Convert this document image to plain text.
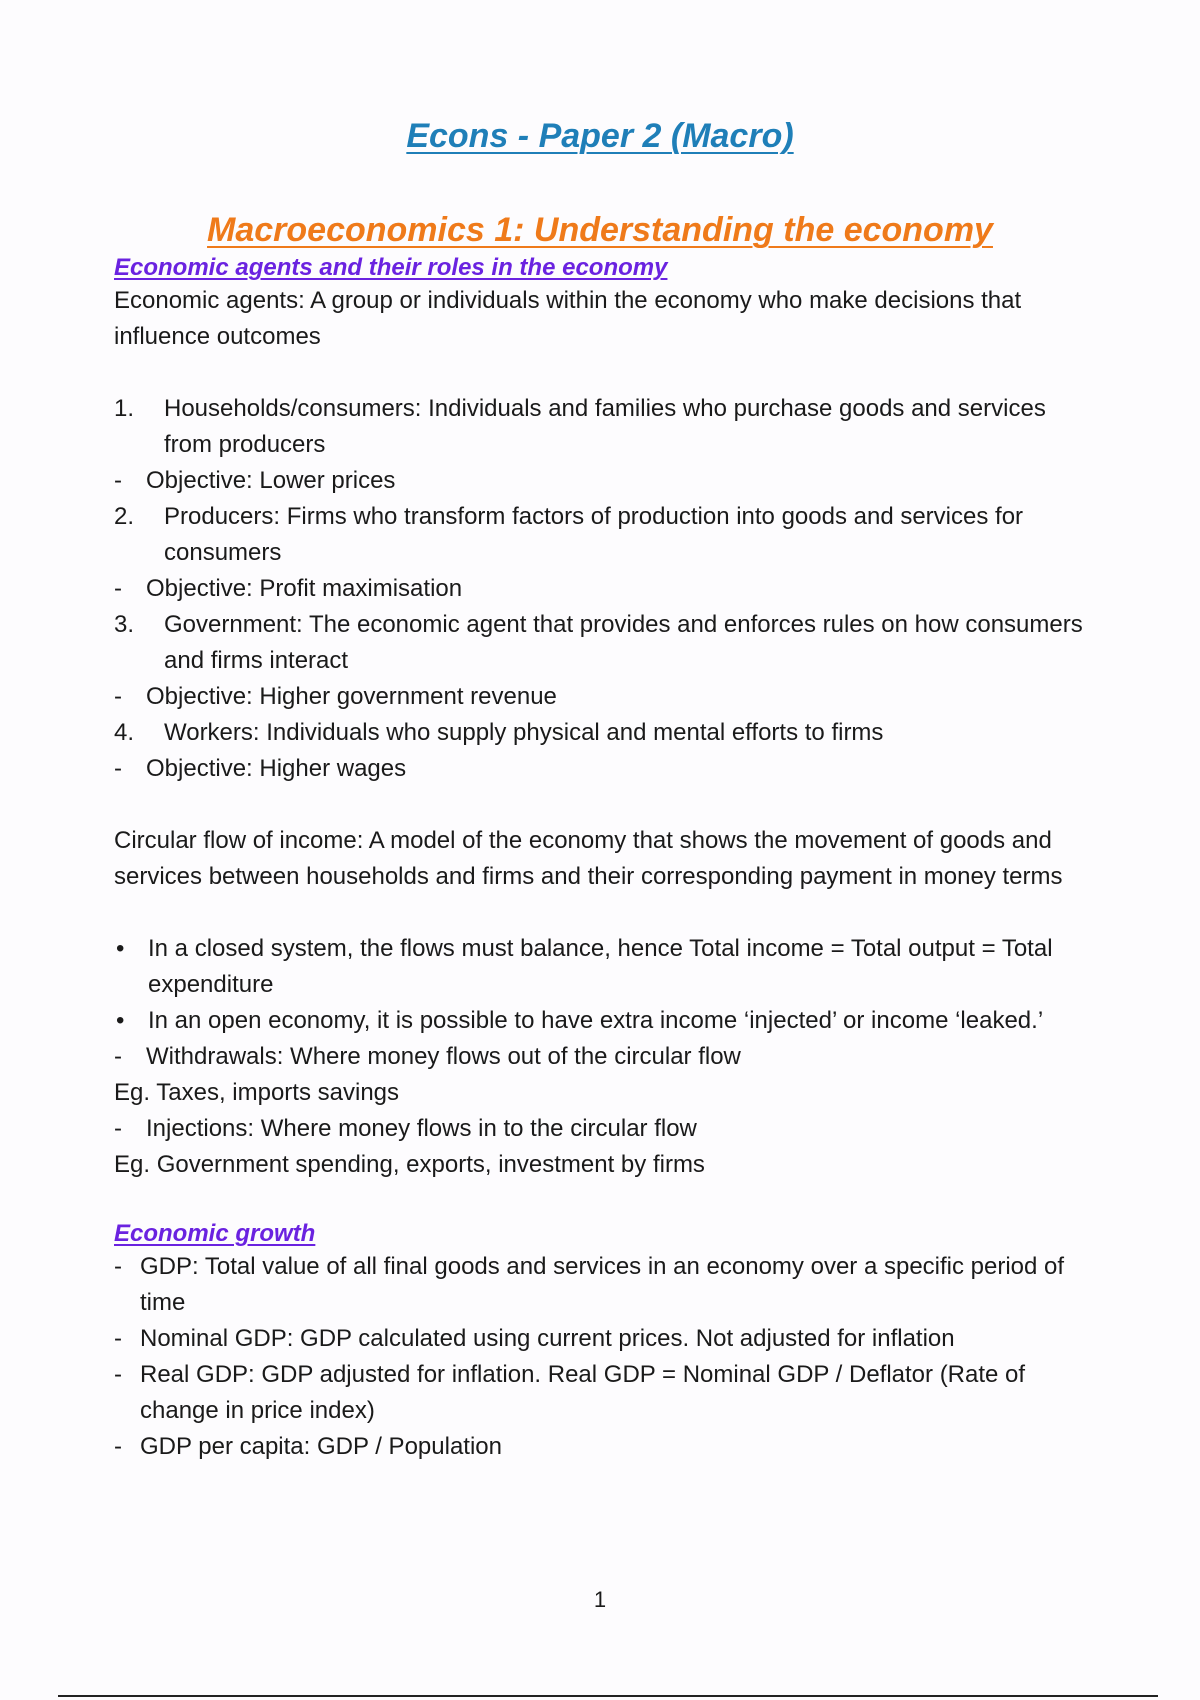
Econs - Paper 2 (Macro)
Macroeconomics 1: Understanding the economy
Economic agents and their roles in the economy

Economic agents: A group or individuals within the economy who make decisions that influence outcomes

1. Households/consumers: Individuals and families who purchase goods and services from producers
- Objective: Lower prices
2. Producers: Firms who transform factors of production into goods and services for consumers
- Objective: Profit maximisation
3. Government: The economic agent that provides and enforces rules on how consumers and firms interact
- Objective: Higher government revenue
4. Workers: Individuals who supply physical and mental efforts to firms
- Objective: Higher wages

Circular flow of income: A model of the economy that shows the movement of goods and services between households and firms and their corresponding payment in money terms

• In a closed system, the flows must balance, hence Total income = Total output = Total expenditure
• In an open economy, it is possible to have extra income ‘injected’ or income ‘leaked.’
- Withdrawals: Where money flows out of the circular flow

Eg. Taxes, imports savings

- Injections: Where money flows in to the circular flow

Eg. Government spending, exports, investment by firms

Economic growth
- GDP: Total value of all final goods and services in an economy over a specific period of time
- Nominal GDP: GDP calculated using current prices. Not adjusted for inflation
- Real GDP: GDP adjusted for inflation. Real GDP = Nominal GDP / Deflator (Rate of change in price index)
- GDP per capita: GDP / Population
1
